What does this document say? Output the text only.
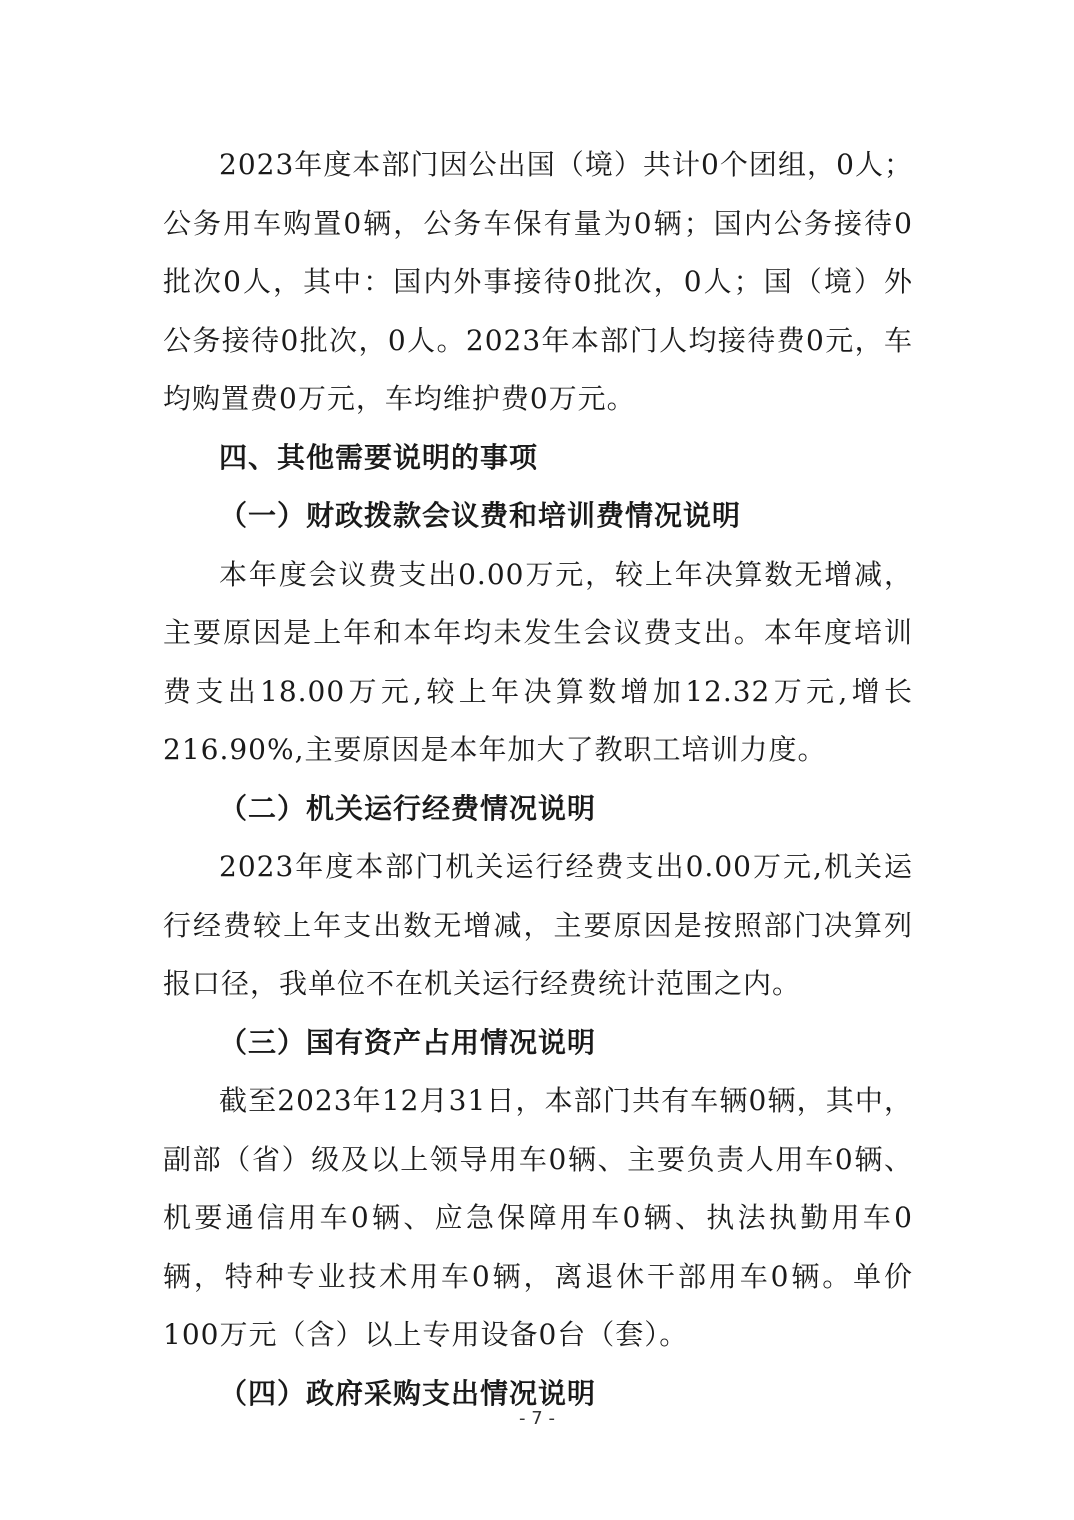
2023年度本部门因公出国（境）共计0个团组，0人；公务用车购置0辆，公务车保有量为0辆；国内公务接待0批次0人，其中：国内外事接待0批次，0人；国（境）外公务接待0批次，0人。2023年本部门人均接待费0元，车均购置费0万元，车均维护费0万元。

四、其他需要说明的事项

（一）财政拨款会议费和培训费情况说明

本年度会议费支出0.00万元，较上年决算数无增减，主要原因是上年和本年均未发生会议费支出。本年度培训费支出18.00万元,较上年决算数增加12.32万元,增长216.90%,主要原因是本年加大了教职工培训力度。

（二）机关运行经费情况说明

2023年度本部门机关运行经费支出0.00万元,机关运行经费较上年支出数无增减，主要原因是按照部门决算列报口径，我单位不在机关运行经费统计范围之内。

（三）国有资产占用情况说明

截至2023年12月31日，本部门共有车辆0辆，其中，副部（省）级及以上领导用车0辆、主要负责人用车0辆、机要通信用车0辆、应急保障用车0辆、执法执勤用车0辆，特种专业技术用车0辆，离退休干部用车0辆。单价100万元（含）以上专用设备0台（套）。

（四）政府采购支出情况说明

- 7 -
